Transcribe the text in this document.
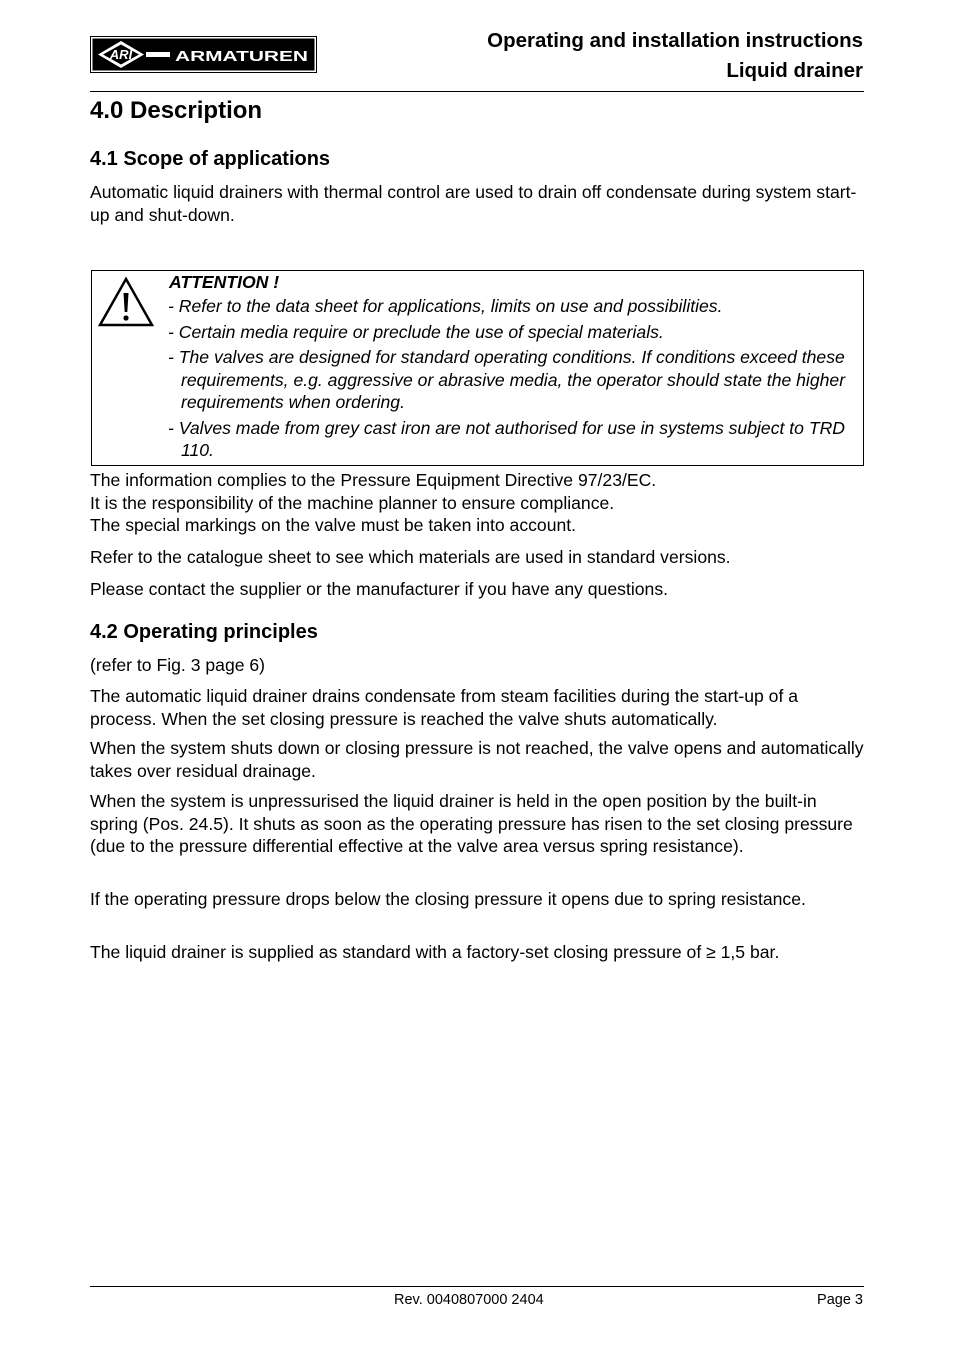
ARI	ARMATUREN
Operating and installation instructions
Liquid drainer
4.0 Description
4.1 Scope of applications
Automatic liquid drainers with thermal control are used to drain off condensate during system start-up and shut-down.
ATTENTION !
- Refer to the data sheet for applications, limits on use and possibilities.
- Certain media require or preclude the use of special materials.
- The valves are designed for standard operating conditions. If conditions exceed these requirements, e.g. aggressive or abrasive media, the operator should state the higher requirements when ordering.
- Valves made from grey cast iron are not authorised for use in systems subject to TRD 110.
The information complies to the Pressure Equipment Directive 97/23/EC.
It is the responsibility of the machine planner to ensure compliance.
The special markings on the valve must be taken into account.
Refer to the catalogue sheet to see which materials are used in standard versions.
Please contact the supplier or the manufacturer if you have any questions.
4.2 Operating principles
(refer to Fig. 3 page 6)
The automatic liquid drainer drains condensate from steam facilities during the start-up of a process. When the set closing pressure is reached the valve shuts automatically.
When the system shuts down or closing pressure is not reached, the valve opens and automatically takes over residual drainage.
When the system is unpressurised the liquid drainer is held in the open position by the built-in spring (Pos. 24.5). It shuts as soon as the operating pressure has risen to the set closing pressure (due to the pressure differential effective at the valve area versus spring resistance).
If the operating pressure drops below the closing pressure it opens due to spring resistance.
The liquid drainer is supplied as standard with a factory-set closing pressure of ≥ 1,5 bar.
Rev. 0040807000 2404	Page 3
